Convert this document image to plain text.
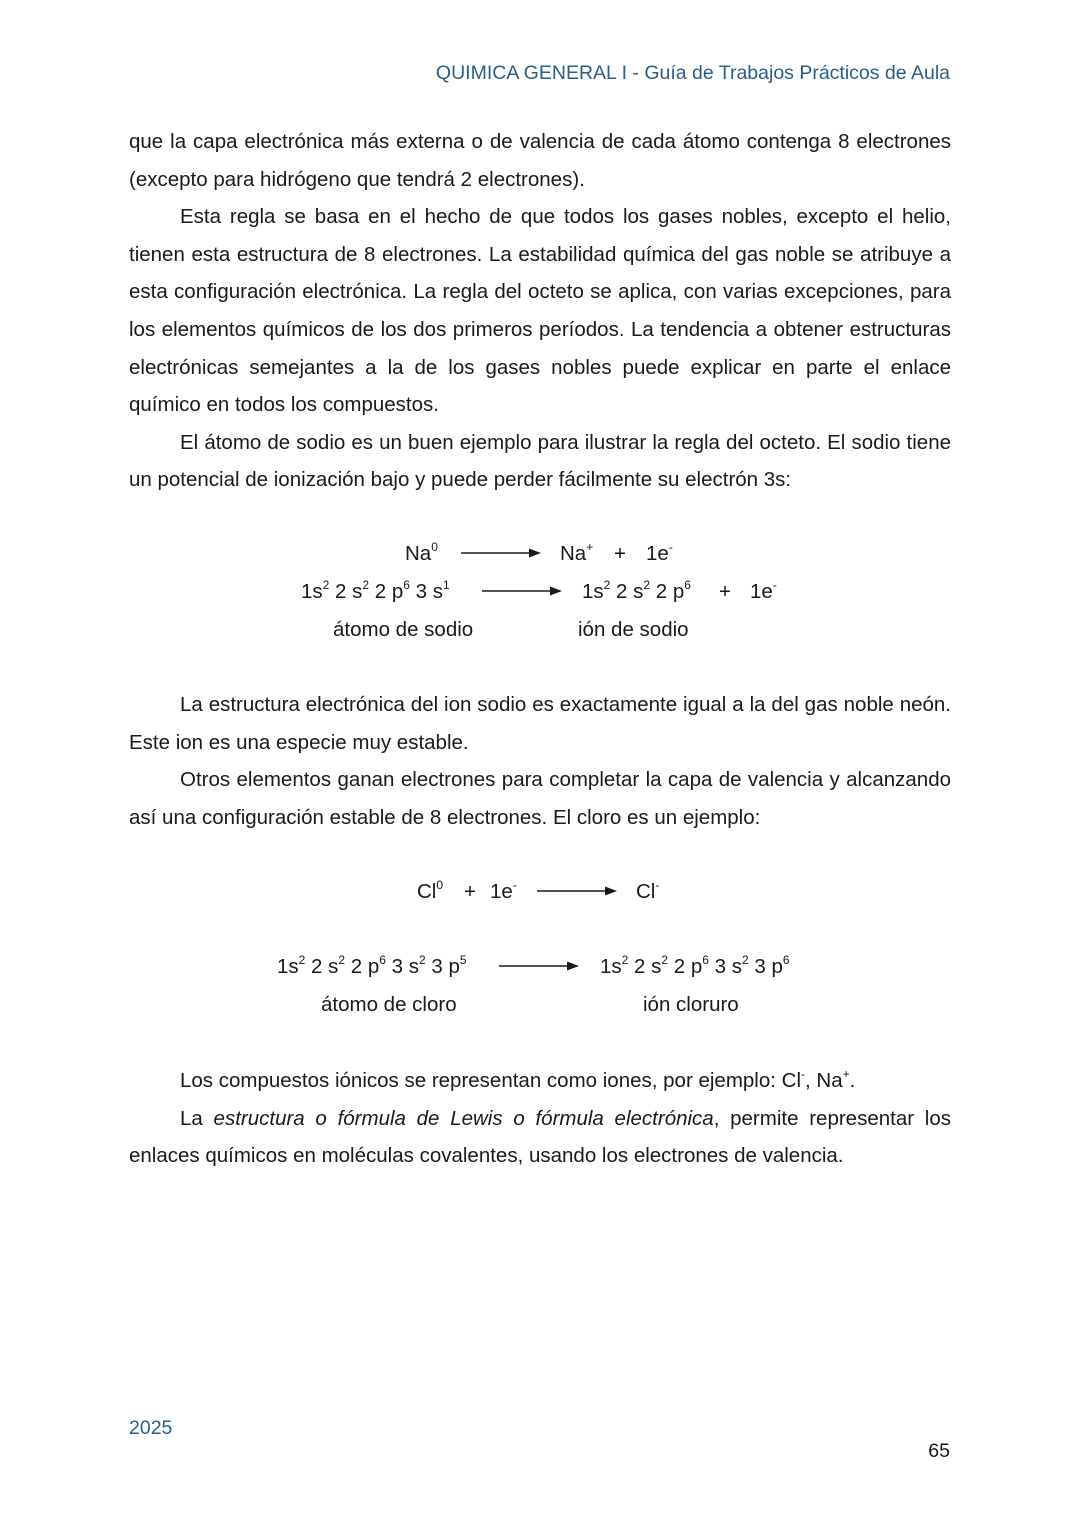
QUIMICA GENERAL I - Guía de Trabajos Prácticos de Aula

que la capa electrónica más externa o de valencia de cada átomo contenga 8 electrones (excepto para hidrógeno que tendrá 2 electrones).

Esta regla se basa en el hecho de que todos los gases nobles, excepto el helio, tienen esta estructura de 8 electrones. La estabilidad química del gas noble se atribuye a esta configuración electrónica. La regla del octeto se aplica, con varias excepciones, para los elementos químicos de los dos primeros períodos. La tendencia a obtener estructuras electrónicas semejantes a la de los gases nobles puede explicar en parte el enlace químico en todos los compuestos.

El átomo de sodio es un buen ejemplo para ilustrar la regla del octeto. El sodio tiene un potencial de ionización bajo y puede perder fácilmente su electrón 3s:

Na$^0$	Na+ + 1e-
$1s^2$ 2 $s^2$ 2 $p^6$ 3 $s^1$	$1s^2$ 2 $s^2$ 2 $p^6 + 1e^-$
átomo de sodio	ión de sodio

La estructura electrónica del ion sodio es exactamente igual a la del gas noble neón. Este ion es una especie muy estable.

Otros elementos ganan electrones para completar la capa de valencia y alcanzando así una configuración estable de 8 electrones. El cloro es un ejemplo:

$Cl^0 + 1e^-$	Cl-
$1s^2$ 2 $s^2$ 2 $p^6$ 3 $s^2$ 3 $p^5$	$1s^2$ 2 $s^2$ 2 $p^6$ 3 $s^2$ 3 $p^6$
átomo de cloro	ión cloruro

Los compuestos iónicos se representan como iones, por ejemplo: Cl-, Na+.

La estructura o fórmula de Lewis o fórmula electrónica, permite representar los enlaces químicos en moléculas covalentes, usando los electrones de valencia.

2025
65
